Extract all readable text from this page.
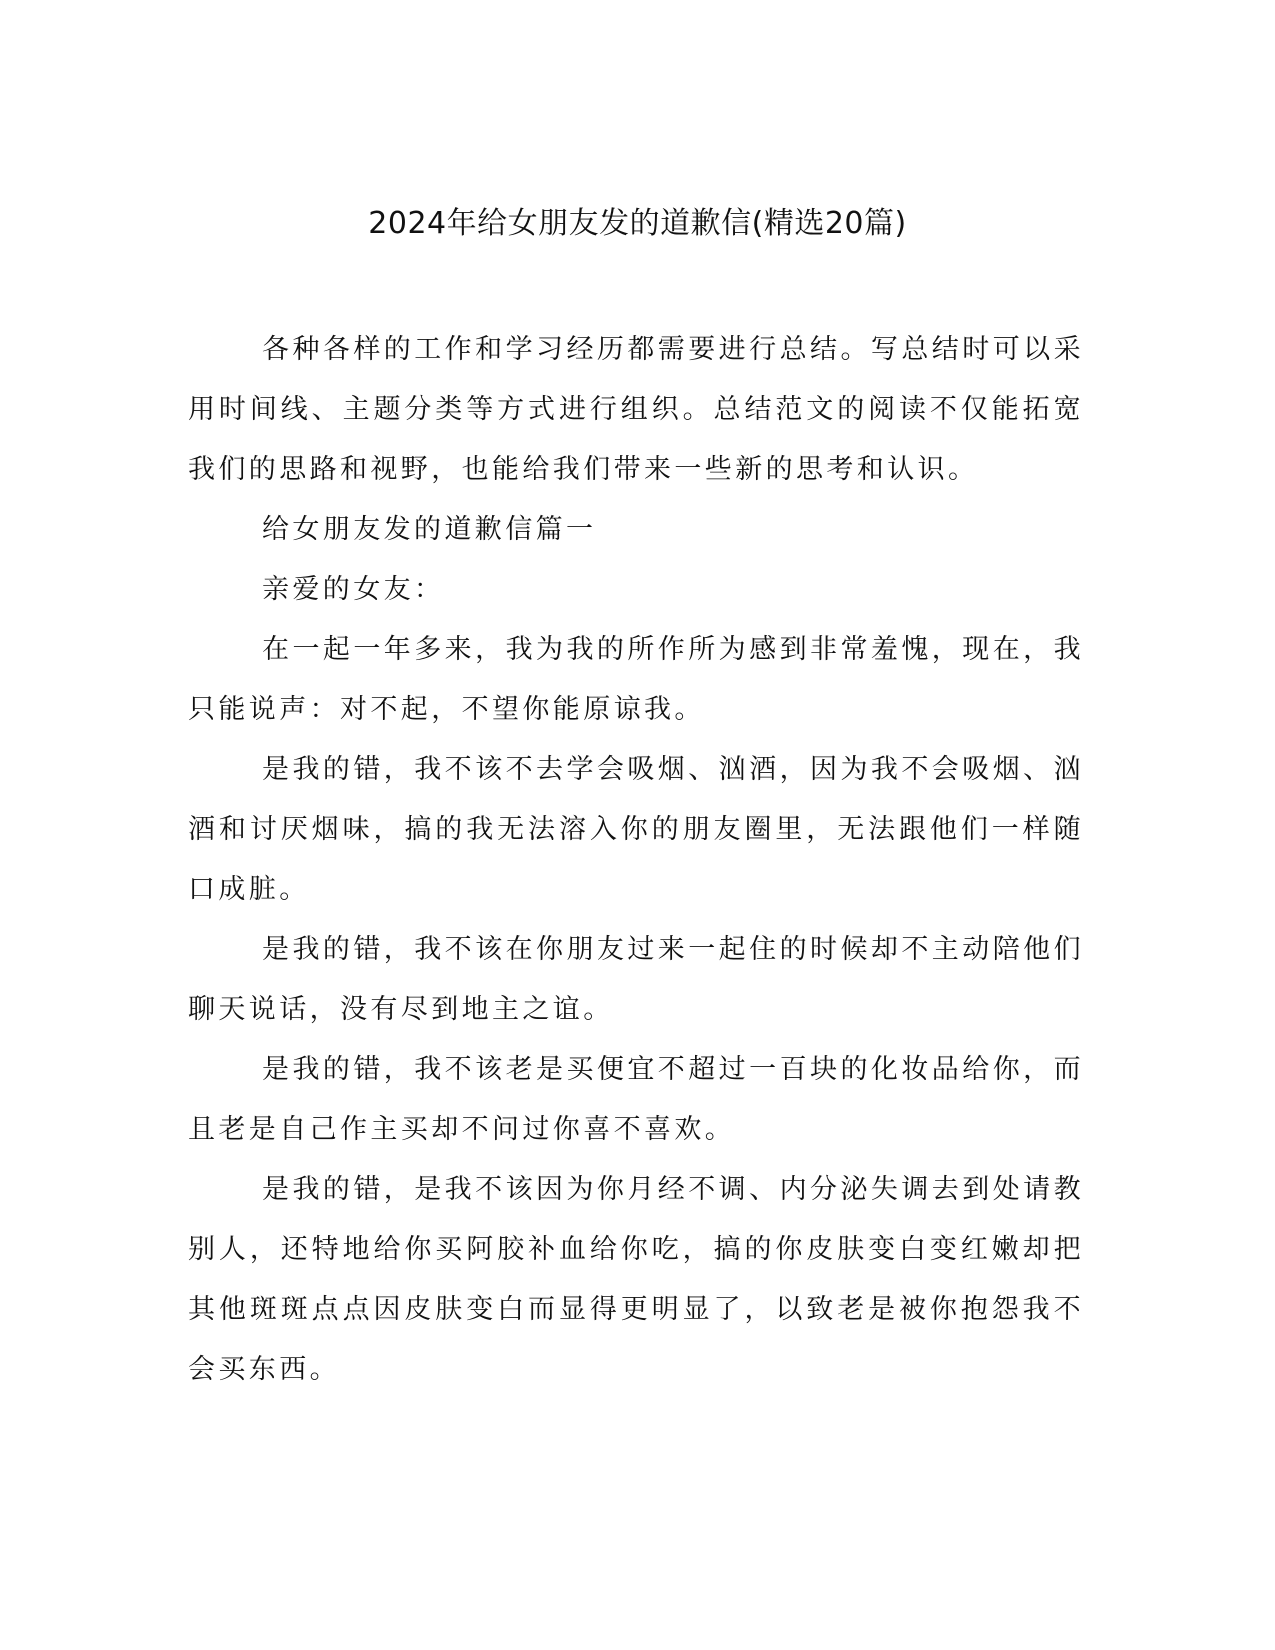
2024年给女朋友发的道歉信(精选20篇)

各种各样的工作和学习经历都需要进行总结。写总结时可以采用时间线、主题分类等方式进行组织。总结范文的阅读不仅能拓宽我们的思路和视野，也能给我们带来一些新的思考和认识。

给女朋友发的道歉信篇一

亲爱的女友：

在一起一年多来，我为我的所作所为感到非常羞愧，现在，我只能说声：对不起，不望你能原谅我。

是我的错，我不该不去学会吸烟、汹酒，因为我不会吸烟、汹酒和讨厌烟味，搞的我无法溶入你的朋友圈里，无法跟他们一样随口成脏。

是我的错，我不该在你朋友过来一起住的时候却不主动陪他们聊天说话，没有尽到地主之谊。

是我的错，我不该老是买便宜不超过一百块的化妆品给你，而且老是自己作主买却不问过你喜不喜欢。

是我的错，是我不该因为你月经不调、内分泌失调去到处请教别人，还特地给你买阿胶补血给你吃，搞的你皮肤变白变红嫩却把其他斑斑点点因皮肤变白而显得更明显了，以致老是被你抱怨我不会买东西。
